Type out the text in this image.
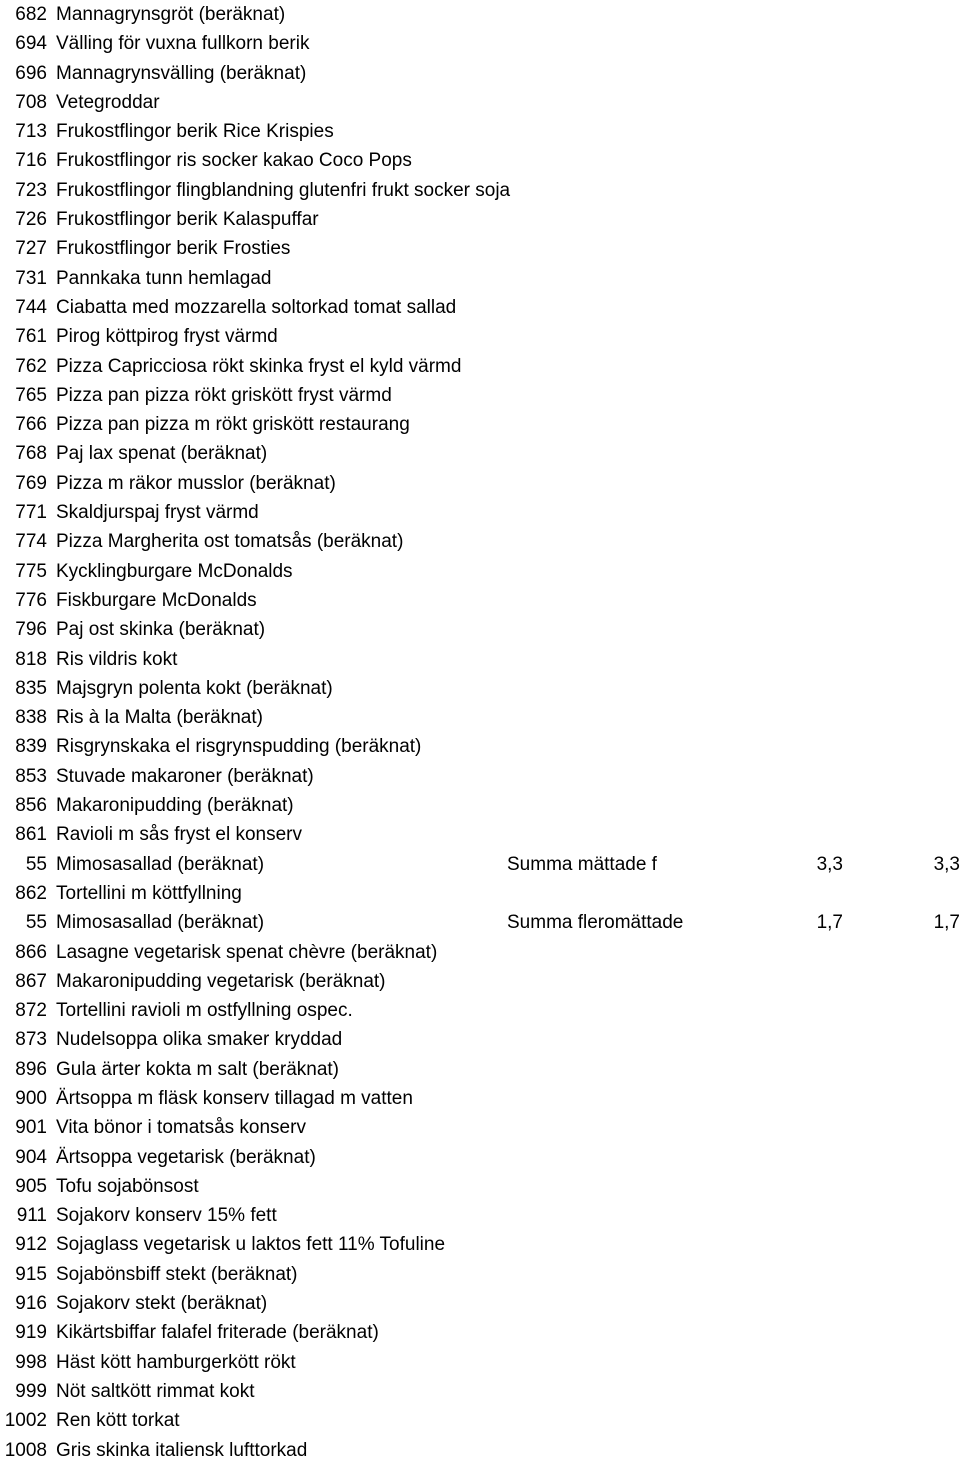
682 Mannagrynsgröt (beräknat)
694 Välling för vuxna fullkorn berik
696 Mannagrynsvälling (beräknat)
708 Vetegroddar
713 Frukostflingor berik Rice Krispies
716 Frukostflingor ris socker kakao Coco Pops
723 Frukostflingor flingblandning glutenfri frukt socker soja
726 Frukostflingor berik Kalaspuffar
727 Frukostflingor berik Frosties
731 Pannkaka tunn hemlagad
744 Ciabatta med mozzarella soltorkad tomat sallad
761 Pirog köttpirog fryst värmd
762 Pizza Capricciosa rökt skinka fryst el kyld värmd
765 Pizza pan pizza rökt griskött fryst värmd
766 Pizza pan pizza m rökt griskött restaurang
768 Paj lax spenat (beräknat)
769 Pizza m räkor musslor (beräknat)
771 Skaldjurspaj fryst värmd
774 Pizza Margherita ost tomatsås (beräknat)
775 Kycklingburgare McDonalds
776 Fiskburgare McDonalds
796 Paj ost skinka (beräknat)
818 Ris vildris kokt
835 Majsgryn polenta kokt (beräknat)
838 Ris à la Malta (beräknat)
839 Risgrynskaka el risgrynspudding (beräknat)
853 Stuvade makaroner (beräknat)
856 Makaronipudding (beräknat)
861 Ravioli m sås fryst el konserv
55 Mimosasallad (beräknat)	Summa mättade f	3,3	3,3
862 Tortellini m köttfyllning
55 Mimosasallad (beräknat)	Summa fleromättade	1,7	1,7
866 Lasagne vegetarisk spenat chèvre (beräknat)
867 Makaronipudding vegetarisk (beräknat)
872 Tortellini ravioli m ostfyllning ospec.
873 Nudelsoppa olika smaker kryddad
896 Gula ärter kokta m salt (beräknat)
900 Ärtsoppa m fläsk konserv tillagad m vatten
901 Vita bönor i tomatsås konserv
904 Ärtsoppa vegetarisk (beräknat)
905 Tofu sojabönsost
911 Sojakorv konserv 15% fett
912 Sojaglass vegetarisk u laktos fett 11% Tofuline
915 Sojabönsbiff stekt (beräknat)
916 Sojakorv stekt (beräknat)
919 Kikärtsbiffar falafel friterade (beräknat)
998 Häst kött hamburgerkött rökt
999 Nöt saltkött rimmat kokt
1002 Ren kött torkat
1008 Gris skinka italiensk lufttorkad
